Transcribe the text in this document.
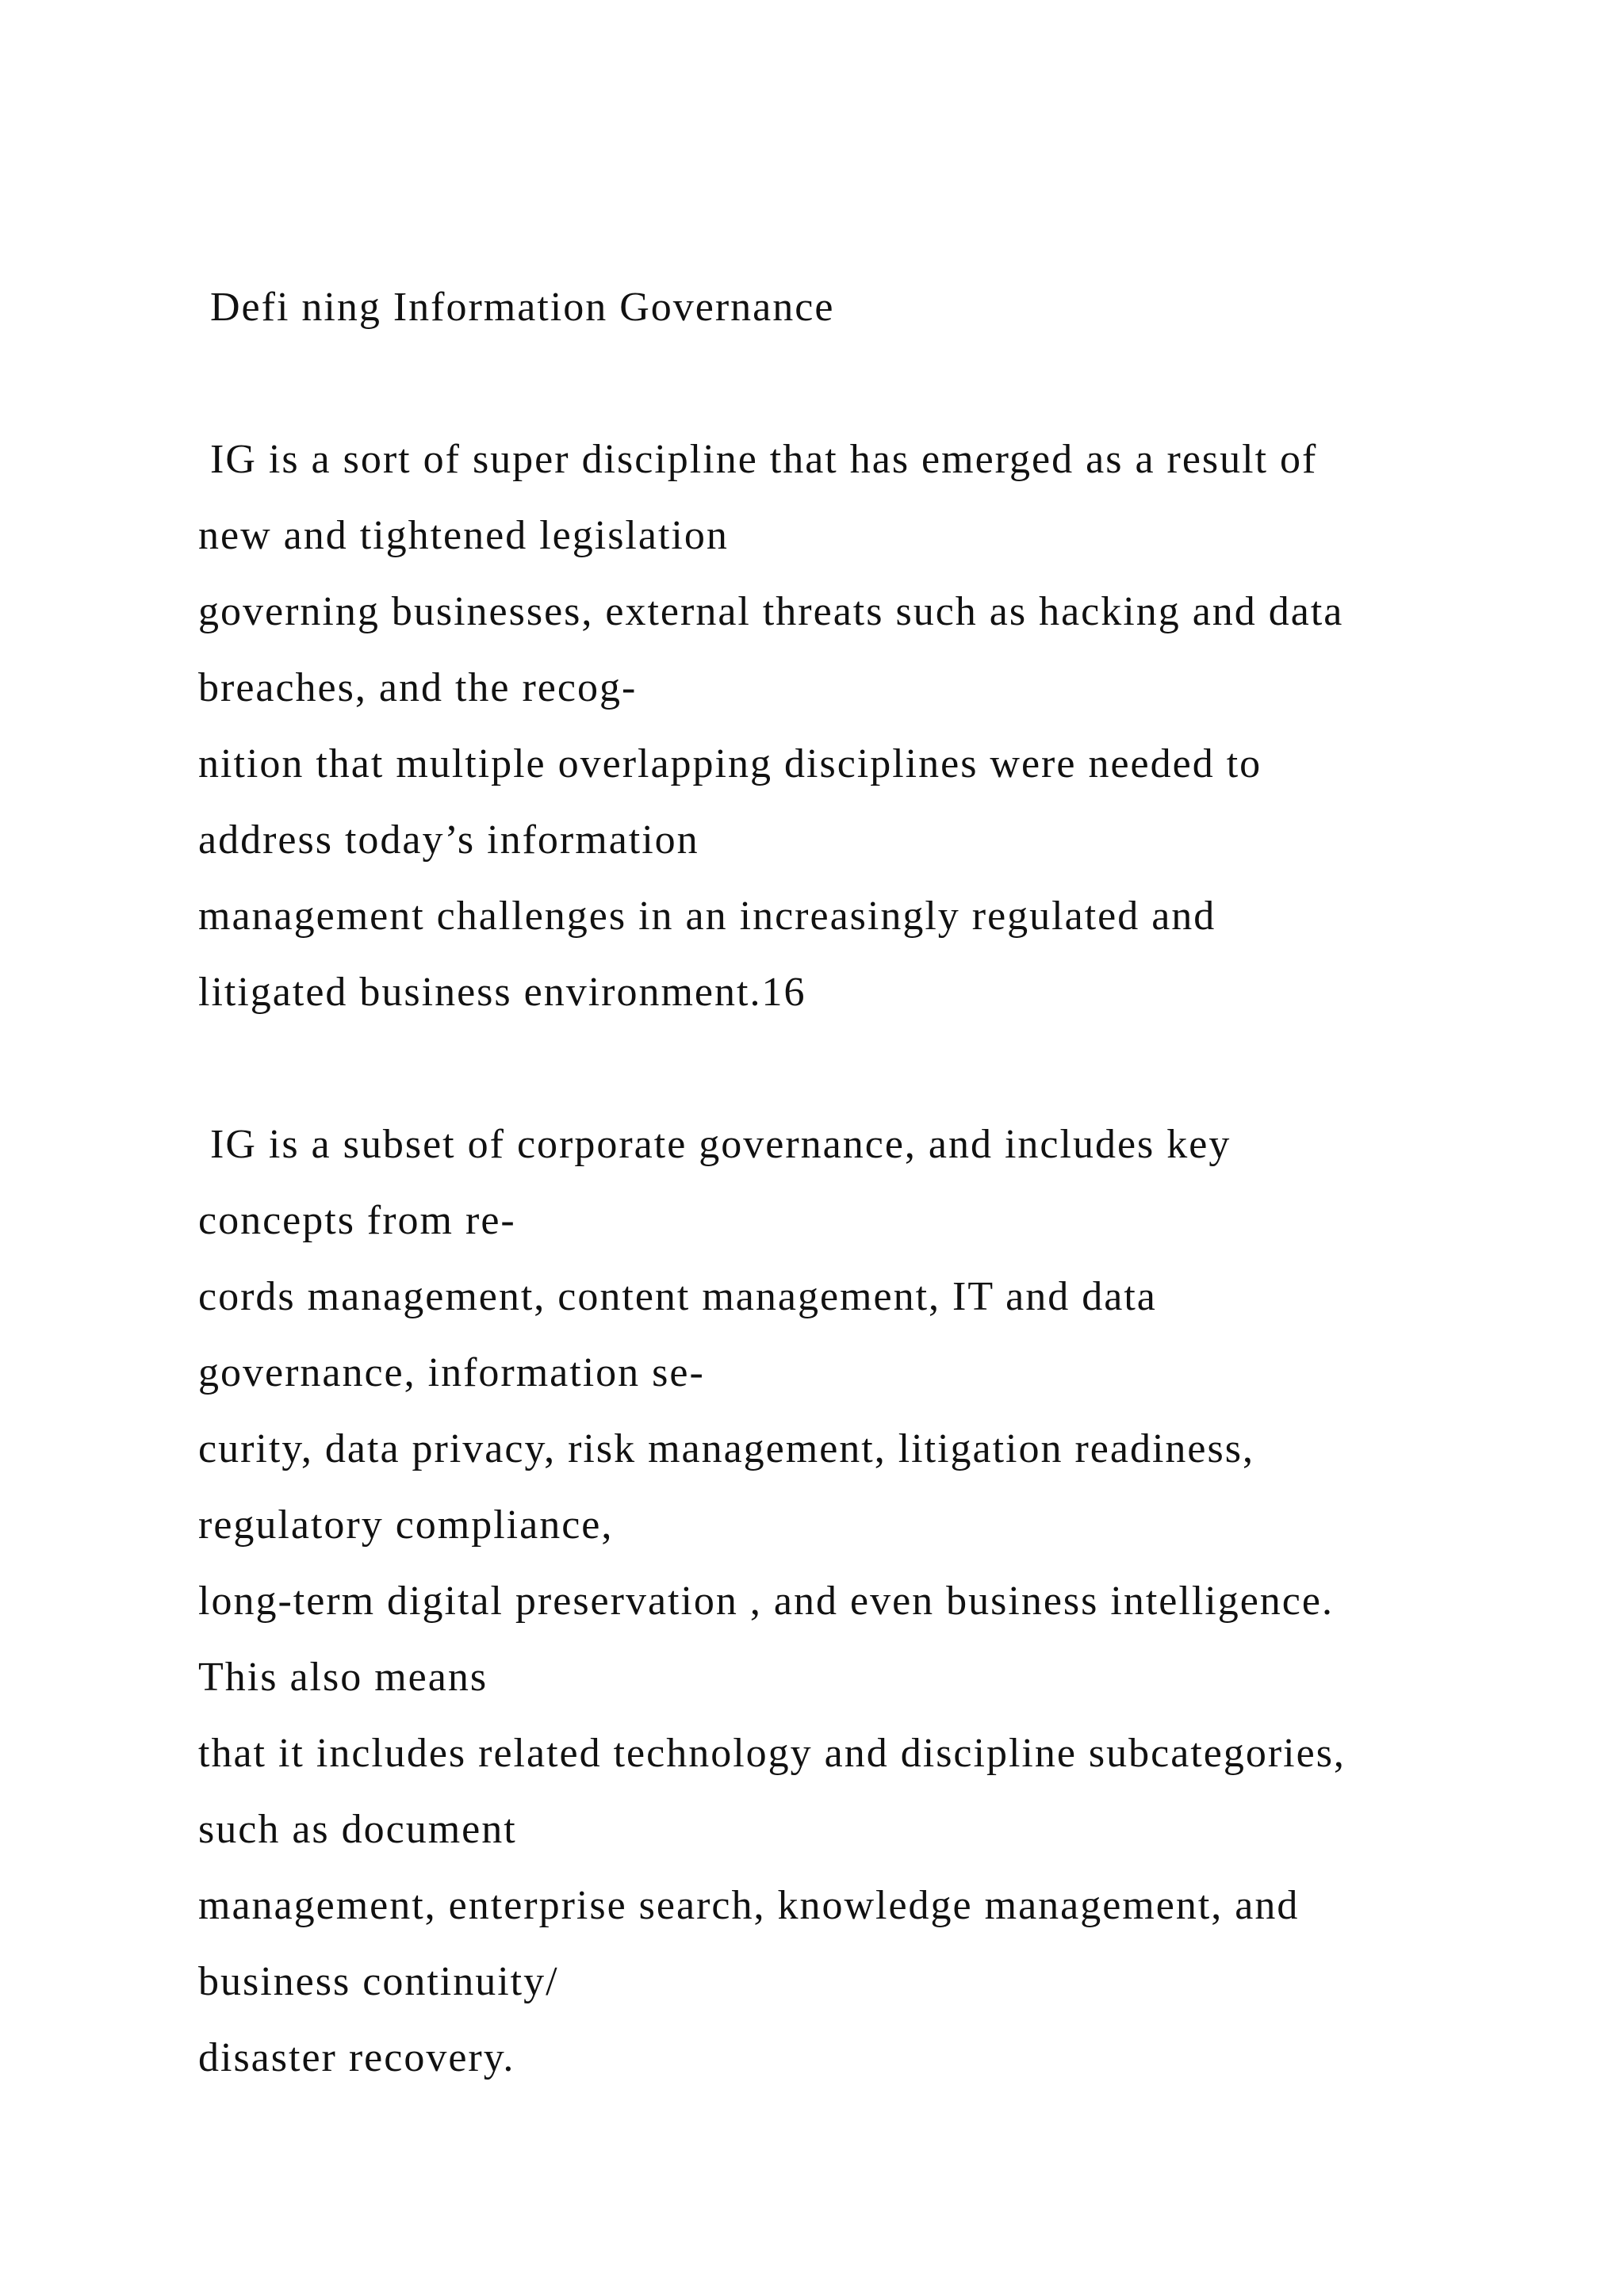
Defi ning Information Governance
IG is a sort of super discipline that has emerged as a result of
new and tightened legislation
governing businesses, external threats such as hacking and data
breaches, and the recog-
nition that multiple overlapping disciplines were needed to
address today’s information
management challenges in an increasingly regulated and
litigated business environment.16
IG is a subset of corporate governance, and includes key
concepts from re-
cords management, content management, IT and data
governance, information se-
curity, data privacy, risk management, litigation readiness,
regulatory compliance,
long-term digital preservation , and even business intelligence.
This also means
that it includes related technology and discipline subcategories,
such as document
management, enterprise search, knowledge management, and
business continuity/
disaster recovery.
